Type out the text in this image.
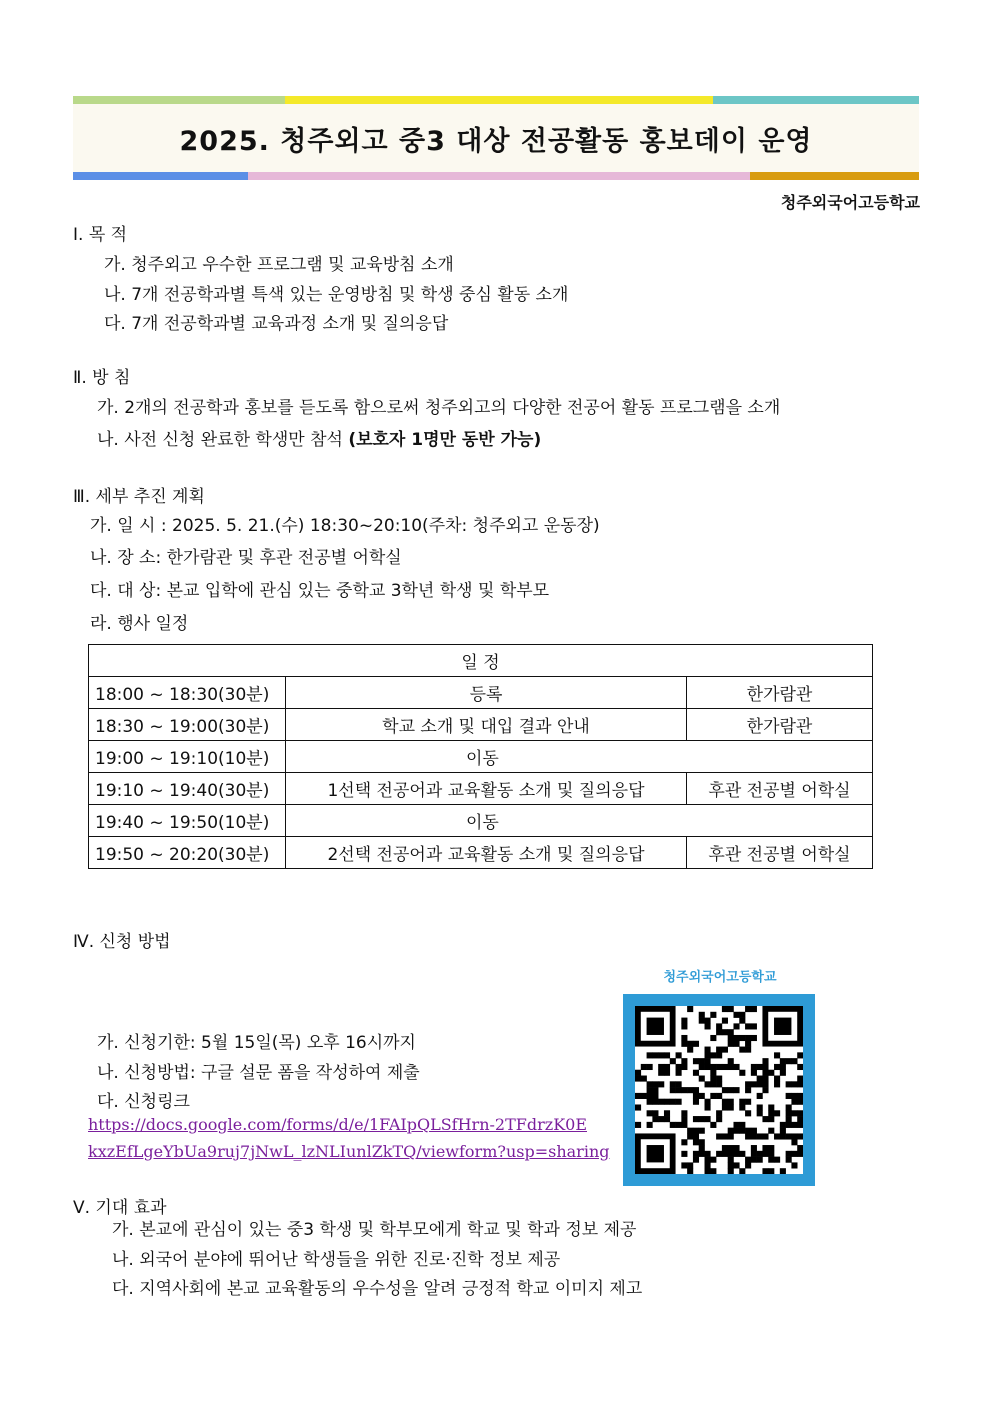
2025. 청주외고 중3 대상 전공활동 홍보데이 운영
청주외국어고등학교
Ⅰ. 목 적
가. 청주외고 우수한 프로그램 및 교육방침 소개
나. 7개 전공학과별 특색 있는 운영방침 및 학생 중심 활동 소개
다. 7개 전공학과별 교육과정 소개 및 질의응답
Ⅱ. 방 침
가. 2개의 전공학과 홍보를 듣도록 함으로써 청주외고의 다양한 전공어 활동 프로그램을 소개
나. 사전 신청 완료한 학생만 참석 (보호자 1명만 동반 가능)
Ⅲ. 세부 추진 계획
가. 일 시 : 2025. 5. 21.(수) 18:30~20:10(주차: 청주외고 운동장)
나. 장 소: 한가람관 및 후관 전공별 어학실
다. 대 상: 본교 입학에 관심 있는 중학교 3학년 학생 및 학부모
라. 행사 일정
일 정		
18:00 ~ 18:30(30분)	등록	한가람관
18:30 ~ 19:00(30분)	학교 소개 및 대입 결과 안내	한가람관
19:00 ~ 19:10(10분)	이동	
19:10 ~ 19:40(30분)	1선택 전공어과 교육활동 소개 및 질의응답	후관 전공별 어학실
19:40 ~ 19:50(10분)	이동	
19:50 ~ 20:20(30분)	2선택 전공어과 교육활동 소개 및 질의응답	후관 전공별 어학실
Ⅳ. 신청 방법
가. 신청기한: 5월 15일(목) 오후 16시까지
나. 신청방법: 구글 설문 폼을 작성하여 제출
다. 신청링크
https://docs.google.com/forms/d/e/1FAIpQLSfHrn-2TFdrzK0E
kxzEfLgeYbUa9ruj7jNwL_lzNLIunlZkTQ/viewform?usp=sharing
청주외국어고등학교
Ⅴ. 기대 효과
가. 본교에 관심이 있는 중3 학생 및 학부모에게 학교 및 학과 정보 제공
나. 외국어 분야에 뛰어난 학생들을 위한 진로·진학 정보 제공
다. 지역사회에 본교 교육활동의 우수성을 알려 긍정적 학교 이미지 제고
